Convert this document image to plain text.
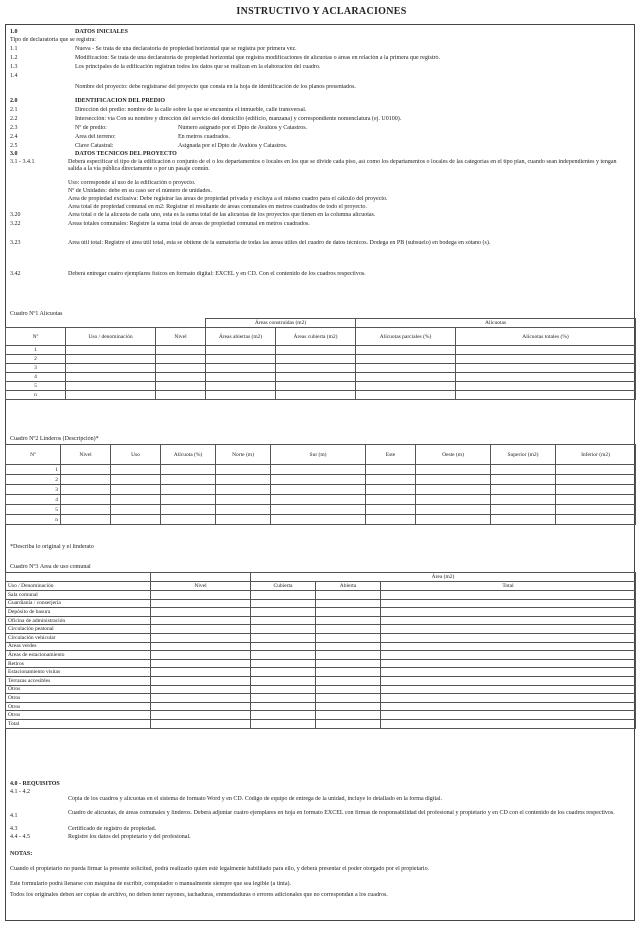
INSTRUCTIVO Y ACLARACIONES
1.0	DATOS INICIALES
Tipo de declaratoria que se registra:
1.1	Nueva - Se trata de una declaratoria de propiedad horizontal que se registra por primera vez.
1.2	Modificación: Se trata de una declaratoria de propiedad horizontal que registra modificaciones de alícuotas o áreas en relación a la primera que registró.
1.3	Los principales de la edificación registran todos los datos que se realizan en la elaboración del cuadro.
1.4
Nombre del proyecto: debe registrarse del proyecto que consta en la hoja de identificación de los planos presentados.
2.0	IDENTIFICACION DEL PREDIO
2.1	Dirección del predio: nombre de la calle sobre la que se encuentra el inmueble, calle transversal.
2.2	Intersección: vía Con su nombre y dirección del servicio del domicilio (edificio, manzana) y correspondiente nomenclatura (ej. U0100).
2.3	Nº de predio:	Número asignado por el Dpto de Avalúos y Catastros.
2.4	Área del terreno:	En metros cuadrados.
2.5	Clave Catastral:	Asignada por el Dpto de Avalúos y Catastros.
3.0	DATOS TECNICOS DEL PROYECTO
3.1 - 3.4.1	Deberá especificar el tipo de la edificación o conjunto de el o los departamentos o locales en los que se divide cada piso, así como los departamentos o locales de las categorías en el tipo plan, cuando sean independientes y tengan salida a la vía pública directamente o por un pasaje común.
Uso: corresponde al uso de la edificación o proyecto.
Nº de Unidades: debe en su caso ser el número de unidades.
Área de propiedad exclusiva: Debe registrar las áreas de propiedad privada y excluya a el mismo cuadro para el cálculo del proyecto.
Área total de propiedad comunal en m2: Registrar el resultante de áreas comunales en metros cuadrados de todo el proyecto.
3.20	Área total o de la alícuota de cada uno, esta es la suma total de las alícuotas de los proyectos que tienen en la columna alícuotas.
3.22	Áreas totales comunales: Registre la suma total de áreas de propiedad comunal en metros cuadrados.
3.23	Área útil total: Registre el área útil total, esta se obtiene de la sumatoria de todas las áreas útiles del cuadro de datos técnicos. Dodega en PB (subsuelo) en bodega en sótano (s).
3.42	Deberá entregar cuatro ejemplares físicos en formato digital: EXCEL y en CD. Con el contenido de los cuadros respectivos.
Cuadro Nº1 Alícuotas
			Áreas construidas (m2)		Alícuotas	
Nº	Uso / denominación	Nivel	Áreas abiertas (m2)	Áreas cubierta (m2)	Alícuotas parciales (%)	Alícuotas totales (%)
1						
2						
3						
4						
5						
n						
Cuadro Nº2 Linderos (Descripción)*
Nº	Nivel	Uso	Alícuota (%)	Norte (m)	Sur (m)	Este	Oeste (m)	Superior (m2)	Inferior (m2)
1									
2									
3									
4									
5									
n									
*Describa lo original y el linderato
Cuadro Nº3 Área de uso comunal
		Área (m2)		
Uso / Denominación	Nivel	Cubierta	Abierta	Total
Sala comunal				
Guardianía / conserjería				
Depósito de basura				
Oficina de administración				
Circulación peatonal				
Circulación vehicular				
Áreas verdes				
Áreas de estacionamiento				
Retiros				
Estacionamiento visitas				
Terrazas accesibles				
Otros				
Otros				
Otros				
Otros				
Total				
4.0 - REQUISITOS
4.1 - 4.2
Copia de los cuadros y alícuotas en el sistema de formato Word y en CD. Código de equipo de entrega de la unidad, incluye lo detallado en la forma digital.
4.1	Cuadro de alícuotas, de áreas comunales y linderos. Deberá adjuntar cuatro ejemplares en hoja en formato EXCEL con firmas de responsabilidad del profesional y propietario y en CD con el contenido de los cuadros respectivos.
4.3	Certificado de registro de propiedad.
4.4 - 4.5	Registre los datos del propietario y del profesional.
NOTAS:
Cuando el propietario no pueda firmar la presente solicitud, podrá realizarlo quien esté legalmente habilitado para ello, y deberá presentar el poder otorgado por el propietario.
Este formulario podrá llenarse con máquina de escribir, computador o manualmente siempre que sea legible (a tinta).
Todos los originales deben ser copias de archivo, no deben tener rayones, tachaduras, enmendaduras o errores adicionales que no correspondan a los cuadros.
